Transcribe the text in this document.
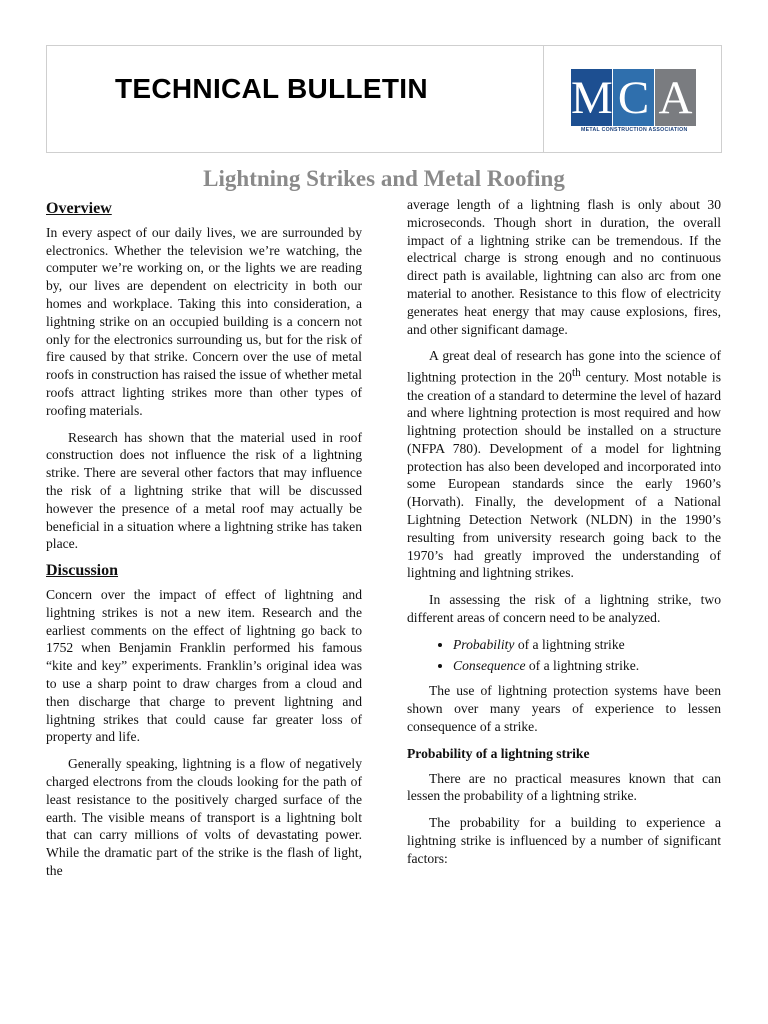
TECHNICAL BULLETIN	M C A
METAL CONSTRUCTION ASSOCIATION
Lightning Strikes and Metal Roofing
Overview

In every aspect of our daily lives, we are surrounded by electronics. Whether the television we’re watching, the computer we’re working on, or the lights we are reading by, our lives are dependent on electricity in both our homes and workplace. Taking this into consideration, a lightning strike on an occupied building is a concern not only for the electronics surrounding us, but for the risk of fire caused by that strike. Concern over the use of metal roofs in construction has raised the issue of whether metal roofs attract lighting strikes more than other types of roofing materials.

Research has shown that the material used in roof construction does not influence the risk of a lightning strike. There are several other factors that may influence the risk of a lightning strike that will be discussed however the presence of a metal roof may actually be beneficial in a situation where a lightning strike has taken place.

Discussion

Concern over the impact of effect of lightning and lightning strikes is not a new item. Research and the earliest comments on the effect of lightning go back to 1752 when Benjamin Franklin performed his famous “kite and key” experiments. Franklin’s original idea was to use a sharp point to draw charges from a cloud and then discharge that charge to prevent lightning and lightning strikes that could cause far greater loss of property and life.

Generally speaking, lightning is a flow of negatively charged electrons from the clouds looking for the path of least resistance to the positively charged surface of the earth. The visible means of transport is a lightning bolt that can carry millions of volts of devastating power. While the dramatic part of the strike is the flash of light, the

average length of a lightning flash is only about 30 microseconds. Though short in duration, the overall impact of a lightning strike can be tremendous. If the electrical charge is strong enough and no continuous direct path is available, lightning can also arc from one material to another. Resistance to this flow of electricity generates heat energy that may cause explosions, fires, and other significant damage.

A great deal of research has gone into the science of lightning protection in the 20th century. Most notable is the creation of a standard to determine the level of hazard and where lightning protection is most required and how lightning protection should be installed on a structure (NFPA 780). Development of a model for lightning protection has also been developed and incorporated into some European standards since the early 1960’s (Horvath). Finally, the development of a National Lightning Detection Network (NLDN) in the 1990’s resulting from university research going back to the 1970’s had greatly improved the understanding of lightning and lightning strikes.

In assessing the risk of a lightning strike, two different areas of concern need to be analyzed.

• Probability of a lightning strike
• Consequence of a lightning strike.

The use of lightning protection systems have been shown over many years of experience to lessen consequence of a strike.

Probability of a lightning strike

There are no practical measures known that can lessen the probability of a lightning strike.

The probability for a building to experience a lightning strike is influenced by a number of significant factors:
